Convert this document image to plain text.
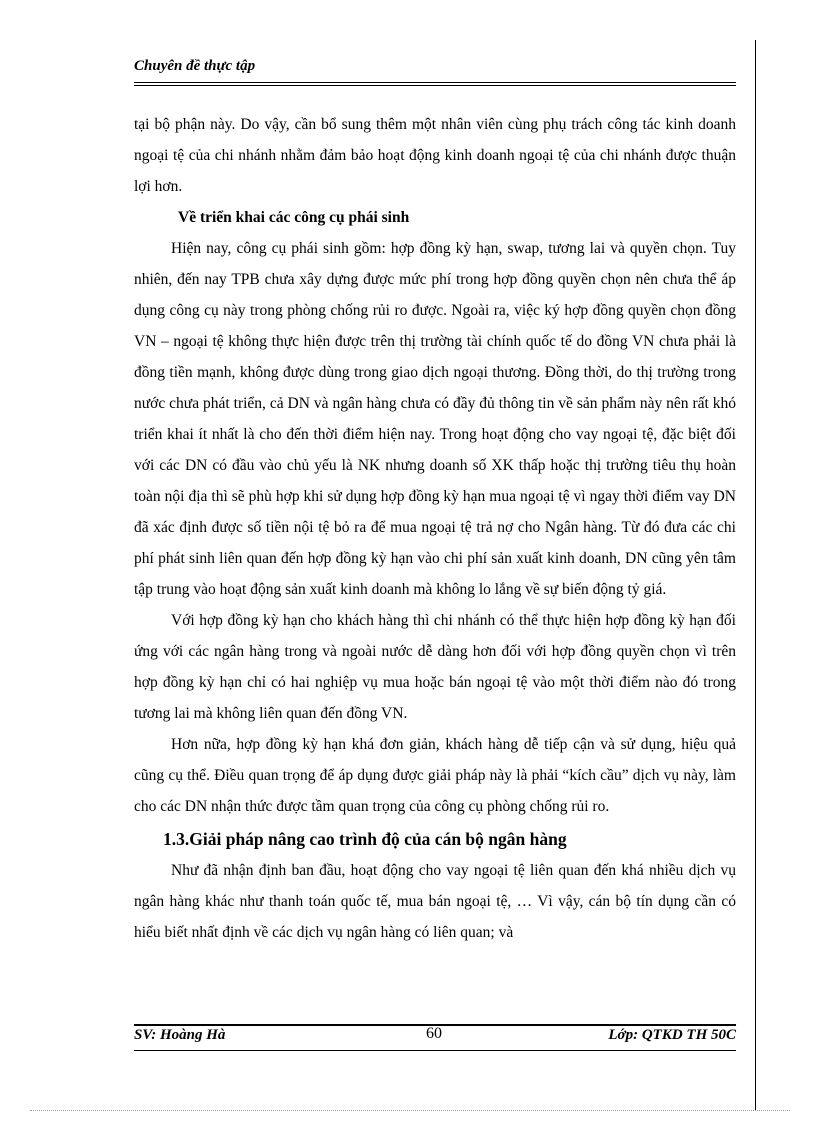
Chuyên đề thực tập

tại bộ phận này. Do vậy, cần bổ sung thêm một nhân viên cùng phụ trách công tác kinh doanh ngoại tệ của chi nhánh nhằm đảm bảo hoạt động kinh doanh ngoại tệ của chi nhánh được thuận lợi hơn.

Về triển khai các công cụ phái sinh

Hiện nay, công cụ phái sinh gồm: hợp đồng kỳ hạn, swap, tương lai và quyền chọn. Tuy nhiên, đến nay TPB chưa xây dựng được mức phí trong hợp đồng quyền chọn nên chưa thể áp dụng công cụ này trong phòng chống rủi ro được. Ngoài ra, việc ký hợp đồng quyền chọn đồng VN – ngoại tệ không thực hiện được trên thị trường tài chính quốc tế do đồng VN chưa phải là đồng tiền mạnh, không được dùng trong giao dịch ngoại thương. Đồng thời, do thị trường trong nước chưa phát triển, cả DN và ngân hàng chưa có đầy đủ thông tin về sản phẩm này nên rất khó triển khai ít nhất là cho đến thời điểm hiện nay. Trong hoạt động cho vay ngoại tệ, đặc biệt đối với các DN có đầu vào chủ yếu là NK nhưng doanh số XK thấp hoặc thị trường tiêu thụ hoàn toàn nội địa thì sẽ phù hợp khi sử dụng hợp đồng kỳ hạn mua ngoại tệ vì ngay thời điểm vay DN đã xác định được số tiền nội tệ bỏ ra để mua ngoại tệ trả nợ cho Ngân hàng. Từ đó đưa các chi phí phát sinh liên quan đến hợp đồng kỳ hạn vào chi phí sản xuất kinh doanh, DN cũng yên tâm tập trung vào hoạt động sản xuất kinh doanh mà không lo lắng về sự biến động tỷ giá.

Với hợp đồng kỳ hạn cho khách hàng thì chi nhánh có thể thực hiện hợp đồng kỳ hạn đối ứng với các ngân hàng trong và ngoài nước dễ dàng hơn đối với hợp đồng quyền chọn vì trên hợp đồng kỳ hạn chỉ có hai nghiệp vụ mua hoặc bán ngoại tệ vào một thời điểm nào đó trong tương lai mà không liên quan đến đồng VN.

Hơn nữa, hợp đồng kỳ hạn khá đơn giản, khách hàng dễ tiếp cận và sử dụng, hiệu quả cũng cụ thể. Điều quan trọng để áp dụng được giải pháp này là phải “kích cầu” dịch vụ này, làm cho các DN nhận thức được tầm quan trọng của công cụ phòng chống rủi ro.

1.3.Giải pháp nâng cao trình độ của cán bộ ngân hàng

Như đã nhận định ban đầu, hoạt động cho vay ngoại tệ liên quan đến khá nhiều dịch vụ ngân hàng khác như thanh toán quốc tế, mua bán ngoại tệ, … Vì vậy, cán bộ tín dụng cần có hiểu biết nhất định về các dịch vụ ngân hàng có liên quan; và

SV: Hoàng Hà	60	Lớp: QTKD TH 50C
